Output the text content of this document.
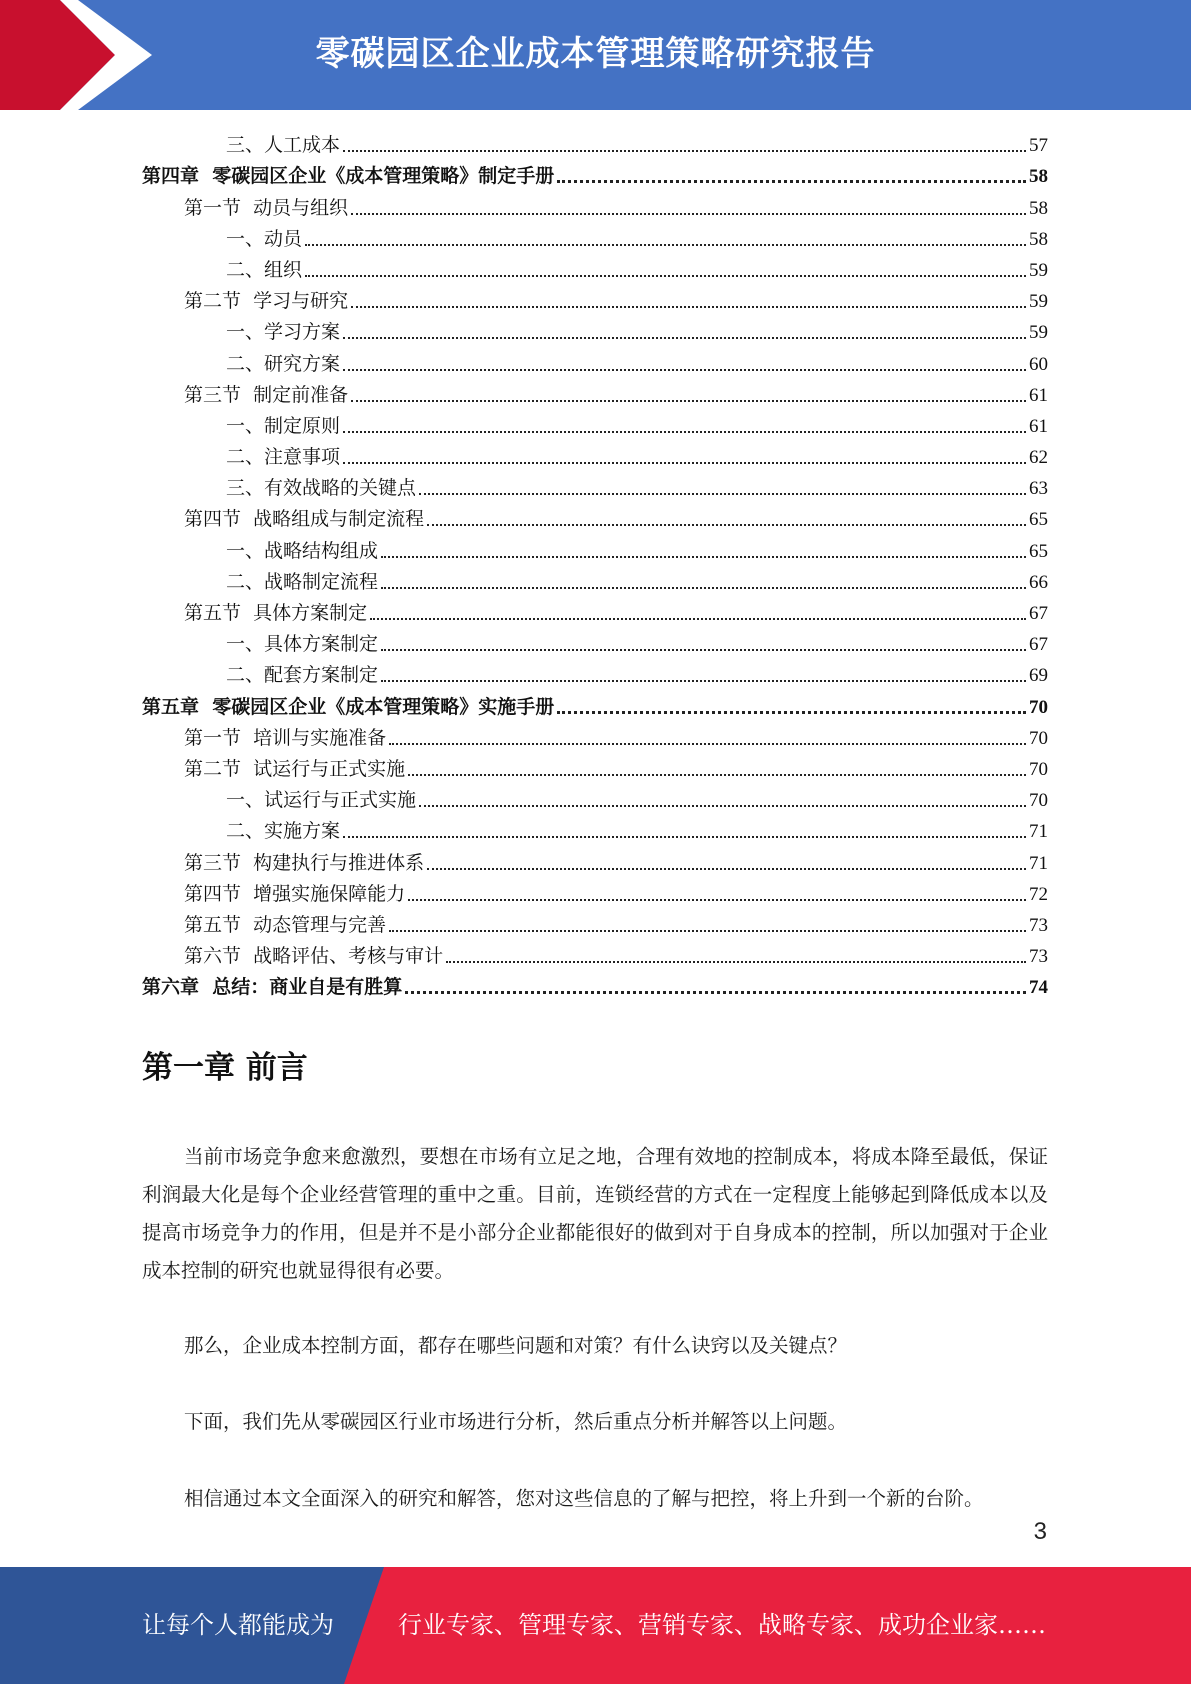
零碳园区企业成本管理策略研究报告
三、人工成本	57
第四章  零碳园区企业《成本管理策略》制定手册	58
第一节  动员与组织	58
一、动员	58
二、组织	59
第二节  学习与研究	59
一、学习方案	59
二、研究方案	60
第三节  制定前准备	61
一、制定原则	61
二、注意事项	62
三、有效战略的关键点	63
第四节  战略组成与制定流程	65
一、战略结构组成	65
二、战略制定流程	66
第五节  具体方案制定	67
一、具体方案制定	67
二、配套方案制定	69
第五章  零碳园区企业《成本管理策略》实施手册	70
第一节  培训与实施准备	70
第二节  试运行与正式实施	70
一、试运行与正式实施	70
二、实施方案	71
第三节  构建执行与推进体系	71
第四节  增强实施保障能力	72
第五节  动态管理与完善	73
第六节  战略评估、考核与审计	73
第六章  总结：商业自是有胜算	74
第一章 前言

当前市场竞争愈来愈激烈，要想在市场有立足之地，合理有效地的控制成本，将成本降至最低，保证利润最大化是每个企业经营管理的重中之重。目前，连锁经营的方式在一定程度上能够起到降低成本以及提高市场竞争力的作用，但是并不是小部分企业都能很好的做到对于自身成本的控制，所以加强对于企业成本控制的研究也就显得很有必要。

那么，企业成本控制方面，都存在哪些问题和对策？有什么诀窍以及关键点？

下面，我们先从零碳园区行业市场进行分析，然后重点分析并解答以上问题。

相信通过本文全面深入的研究和解答，您对这些信息的了解与把控，将上升到一个新的台阶。

3
让每个人都能成为	行业专家、管理专家、营销专家、战略专家、成功企业家……
